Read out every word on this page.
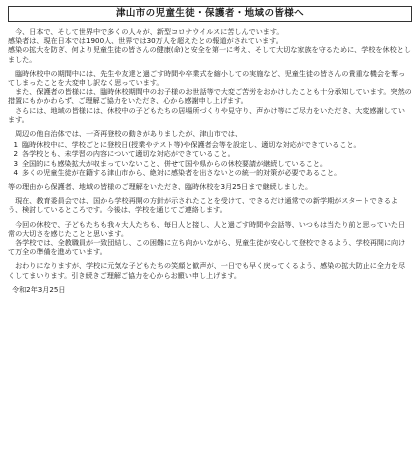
津山市の児童生徒・保護者・地域の皆様へ
今、日本で、そして世界中で多くの人々が、新型コロナウイルスに苦しんでいます。
感染者は、現在日本では1900人、世界では30万人を超えたとの報道がされています。
感染の拡大を防ぎ、何より児童生徒の皆さんの健康(命)と安全を第一に考え、そして大切な家族を守るために、学校を休校としました。
臨時休校中の期間中には、先生や友達と過ごす時間や卒業式を縮小しての実施など、児童生徒の皆さんの貴重な機会を奪ってしまったことを大変申し訳なく思っています。
また、保護者の皆様には、臨時休校期間中のお子様のお世話等で大変ご苦労をおかけしたことも十分承知しています。突然の措置にもかかわらず、ご理解ご協力をいただき、心から感謝申し上げます。
さらには、地域の皆様には、休校中の子どもたちの居場所づくりや見守り、声かけ等にご尽力をいただき、大変感謝しています。
周辺の他自治体では、一斉再登校の動きがありましたが、津山市では、
1 臨時休校中に、学校ごとに登校日(授業やテスト等)や保護者会等を設定し、適切な対応ができていること。
2 各学校とも、未学習の内容について適切な対応ができていること。
3 全国的にも感染拡大が収まっていないこと、併せて国や県からの休校要請が継続していること。
4 多くの児童生徒が在籍する津山市から、絶対に感染者を出さないとの統一的対策が必要であること。
等の理由から保護者、地域の皆様のご理解をいただき、臨時休校を3月25日まで継続しました。
現在、教育委員会では、国から学校再開の方針が示されたことを受けて、できるだけ通常での新学期がスタートできるよう、検討しているところです。今後は、学校を通じてご連絡します。
今回の休校で、子どもたちも我々大人たちも、毎日人と接し、人と過ごす時間や会話等、いつもは当たり前と思っていた日常の大切さを感じたことと思います。
各学校では、全教職員が一致団結し、この困難に立ち向かいながら、児童生徒が安心して登校できるよう、学校再開に向けて万全の準備を進めています。
おわりになりますが、学校に元気な子どもたちの笑顔と歓声が、一日でも早く戻ってくるよう、感染の拡大防止に全力を尽くしてまいります。引き続きご理解ご協力を心からお願い申し上げます。
令和2年3月25日
